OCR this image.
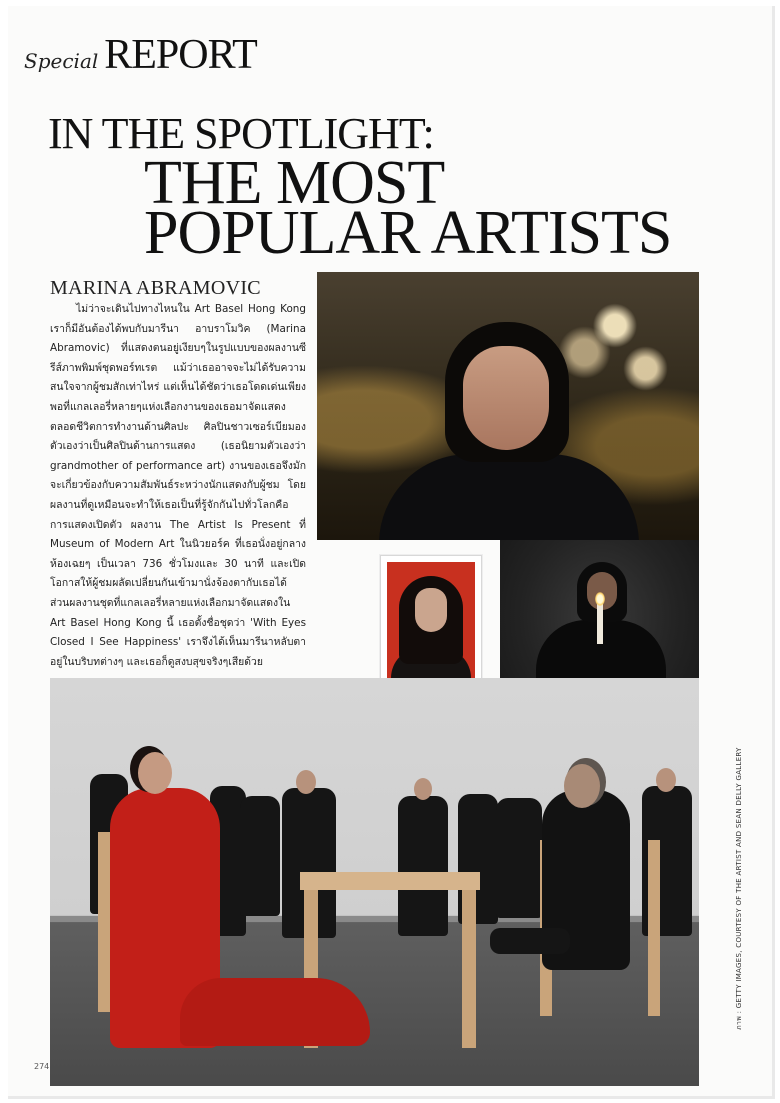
Special REPORT
IN THE SPOTLIGHT:
THE MOST
POPULAR ARTISTS
MARINA ABRAMOVIC
ไม่ว่าจะเดินไปทางไหนใน Art Basel Hong Kong เราก็มีอันต้องได้พบกับมารีนา อาบราโมวิค (Marina Abramovic) ที่แสดงตนอยู่เงียบๆในรูปแบบของผลงานซีรีส์ภาพพิมพ์ชุดพอร์ทเรต แม้ว่าเธออาจจะไม่ได้รับความสนใจจากผู้ชมสักเท่าไหร่ แต่เห็นได้ชัดว่าเธอโดดเด่นเพียงพอที่แกลเลอรี่หลายๆแห่งเลือกงานของเธอมาจัดแสดง ตลอดชีวิตการทำงานด้านศิลปะ ศิลปินชาวเซอร์เบียมองตัวเองว่าเป็นศิลปินด้านการแสดง (เธอนิยามตัวเองว่า grandmother of performance art) งานของเธอจึงมักจะเกี่ยวข้องกับความสัมพันธ์ระหว่างนักแสดงกับผู้ชม โดยผลงานที่ดูเหมือนจะทำให้เธอเป็นที่รู้จักกันไปทั่วโลกคือการแสดงเปิดตัว ผลงาน The Artist Is Present ที่ Museum of Modern Art ในนิวยอร์ค ที่เธอนั่งอยู่กลางห้องเฉยๆ เป็นเวลา 736 ชั่วโมงและ 30 นาที และเปิดโอกาสให้ผู้ชมผลัดเปลี่ยนกันเข้ามานั่งจ้องตากับเธอได้ ส่วนผลงานชุดที่แกลเลอรี่หลายแห่งเลือกมาจัดแสดงใน Art Basel Hong Kong นี้ เธอตั้งชื่อชุดว่า 'With Eyes Closed I See Happiness' เราจึงได้เห็นมารีนาหลับตาอยู่ในบริบทต่างๆ และเธอก็ดูสงบสุขจริงๆเสียด้วย
ภาพ : GETTY IMAGES, COURTESY OF THE ARTIST AND SEAN DELLY GALLERY
274
